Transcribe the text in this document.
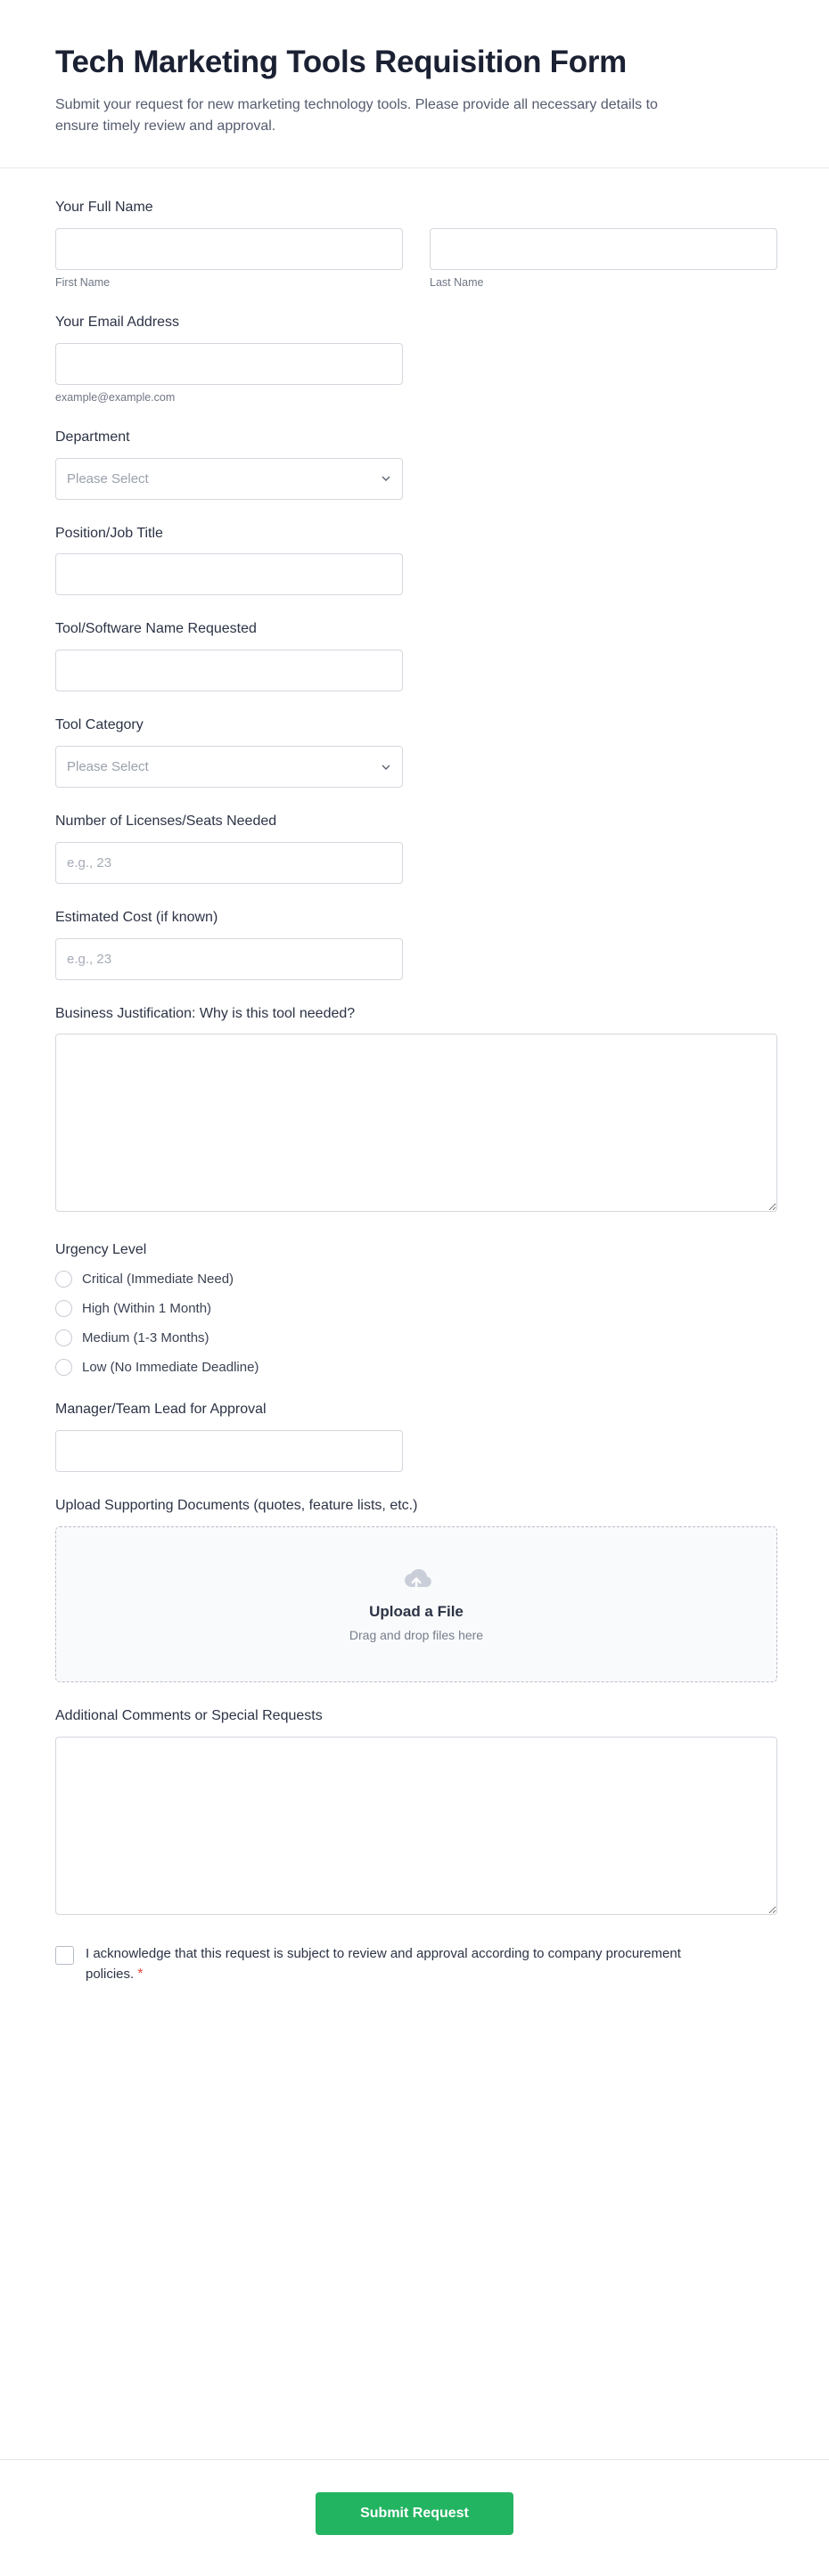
Tech Marketing Tools Requisition Form

Submit your request for new marketing technology tools. Please provide all necessary details to ensure timely review and approval.

Your Full Name
First Name	Last Name
Your Email Address
example@example.com
Department
Please Select
Position/Job Title
Tool/Software Name Requested
Tool Category
Please Select
Number of Licenses/Seats Needed
e.g., 23
Estimated Cost (if known)
e.g., 23
Business Justification: Why is this tool needed?
Urgency Level
Critical (Immediate Need)
High (Within 1 Month)
Medium (1-3 Months)
Low (No Immediate Deadline)
Manager/Team Lead for Approval
Upload Supporting Documents (quotes, feature lists, etc.)
Upload a File
Drag and drop files here
Additional Comments or Special Requests
I acknowledge that this request is subject to review and approval according to company procurement policies. *
Submit Request
